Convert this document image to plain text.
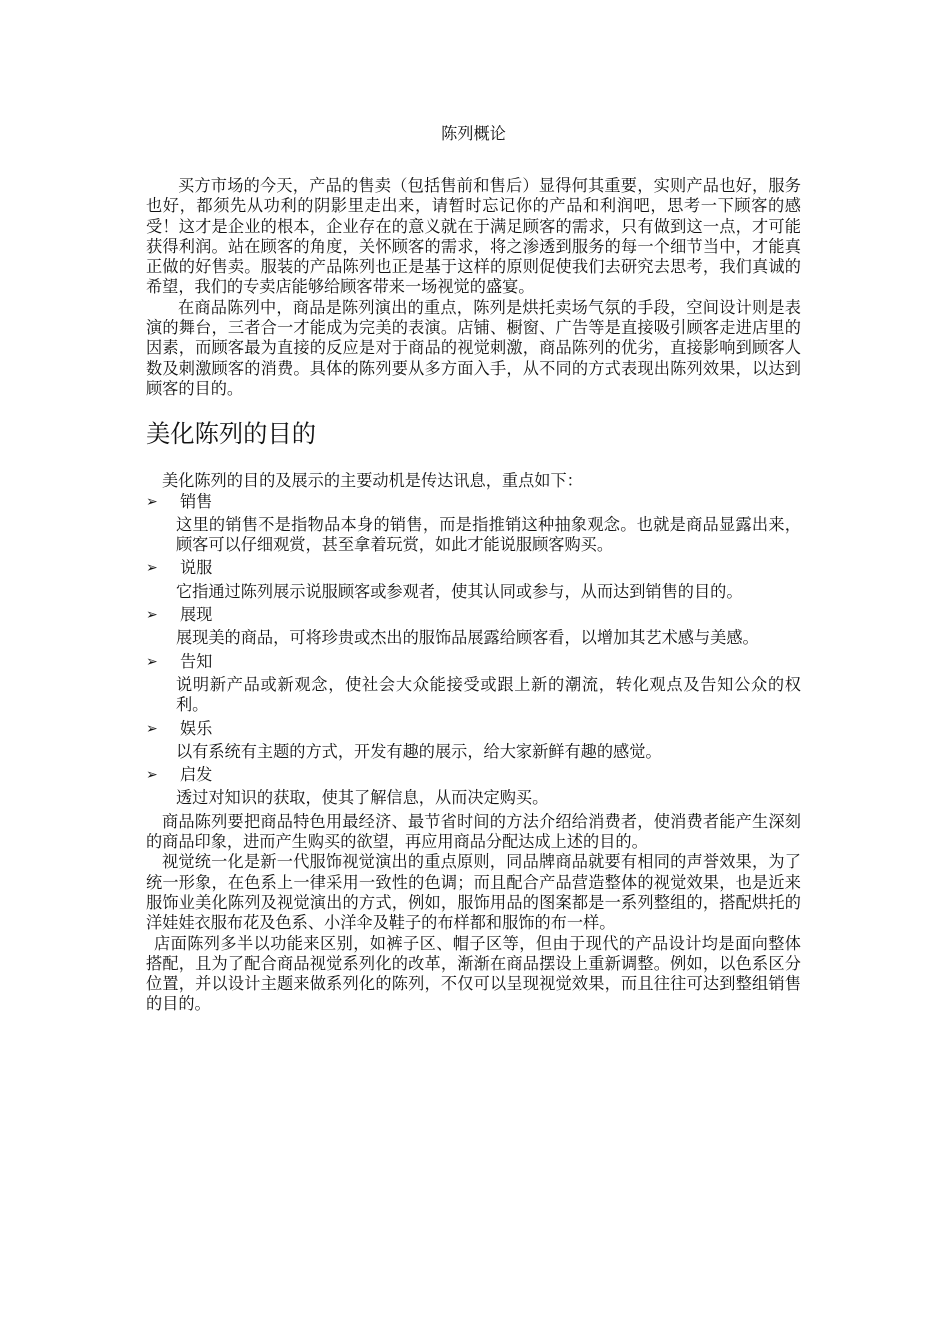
陈列概论

买方市场的今天，产品的售卖（包括售前和售后）显得何其重要，实则产品也好，服务也好，都须先从功利的阴影里走出来，请暂时忘记你的产品和利润吧，思考一下顾客的感受！这才是企业的根本，企业存在的意义就在于满足顾客的需求，只有做到这一点，才可能获得利润。站在顾客的角度，关怀顾客的需求，将之渗透到服务的每一个细节当中，才能真正做的好售卖。服装的产品陈列也正是基于这样的原则促使我们去研究去思考，我们真诚的希望，我们的专卖店能够给顾客带来一场视觉的盛宴。

在商品陈列中，商品是陈列演出的重点，陈列是烘托卖场气氛的手段，空间设计则是表演的舞台，三者合一才能成为完美的表演。店铺、橱窗、广告等是直接吸引顾客走进店里的因素，而顾客最为直接的反应是对于商品的视觉刺激，商品陈列的优劣，直接影响到顾客人数及刺激顾客的消费。具体的陈列要从多方面入手，从不同的方式表现出陈列效果，以达到顾客的目的。

美化陈列的目的

美化陈列的目的及展示的主要动机是传达讯息，重点如下：

➢	销售

这里的销售不是指物品本身的销售，而是指推销这种抽象观念。也就是商品显露出来，顾客可以仔细观赏，甚至拿着玩赏，如此才能说服顾客购买。

➢	说服

它指通过陈列展示说服顾客或参观者，使其认同或参与，从而达到销售的目的。

➢	展现

展现美的商品，可将珍贵或杰出的服饰品展露给顾客看，以增加其艺术感与美感。

➢	告知

说明新产品或新观念，使社会大众能接受或跟上新的潮流，转化观点及告知公众的权利。

➢	娱乐

以有系统有主题的方式，开发有趣的展示，给大家新鲜有趣的感觉。

➢	启发

透过对知识的获取，使其了解信息，从而决定购买。

商品陈列要把商品特色用最经济、最节省时间的方法介绍给消费者，使消费者能产生深刻的商品印象，进而产生购买的欲望，再应用商品分配达成上述的目的。

视觉统一化是新一代服饰视觉演出的重点原则，同品牌商品就要有相同的声誉效果，为了统一形象，在色系上一律采用一致性的色调；而且配合产品营造整体的视觉效果，也是近来服饰业美化陈列及视觉演出的方式，例如，服饰用品的图案都是一系列整组的，搭配烘托的洋娃娃衣服布花及色系、小洋伞及鞋子的布样都和服饰的布一样。

店面陈列多半以功能来区别，如裤子区、帽子区等，但由于现代的产品设计均是面向整体搭配，且为了配合商品视觉系列化的改革，渐渐在商品摆设上重新调整。例如，以色系区分位置，并以设计主题来做系列化的陈列，不仅可以呈现视觉效果，而且往往可达到整组销售的目的。
